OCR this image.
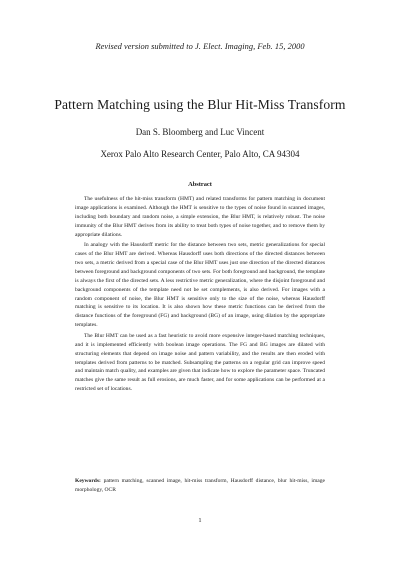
Revised version submitted to J. Elect. Imaging, Feb. 15, 2000
Pattern Matching using the Blur Hit-Miss Transform
Dan S. Bloomberg and Luc Vincent
Xerox Palo Alto Research Center, Palo Alto, CA 94304
Abstract

The usefulness of the hit-miss transform (HMT) and related transforms for pattern matching in document image applications is examined. Although the HMT is sensitive to the types of noise found in scanned images, including both boundary and random noise, a simple extension, the Blur HMT, is relatively robust. The noise immunity of the Blur HMT derives from its ability to treat both types of noise together, and to remove them by appropriate dilations.

In analogy with the Hausdorff metric for the distance between two sets, metric generalizations for special cases of the Blur HMT are derived. Whereas Hausdorff uses both directions of the directed distances between two sets, a metric derived from a special case of the Blur HMT uses just one direction of the directed distances between foreground and background components of two sets. For both foreground and background, the template is always the first of the directed sets. A less restrictive metric generalization, where the disjoint foreground and background components of the template need not be set complements, is also derived. For images with a random component of noise, the Blur HMT is sensitive only to the size of the noise, whereas Hausdorff matching is sensitive to its location. It is also shown how these metric functions can be derived from the distance functions of the foreground (FG) and background (BG) of an image, using dilation by the appropriate templates.

The Blur HMT can be used as a fast heuristic to avoid more expensive integer-based matching techniques, and it is implemented efficiently with boolean image operations. The FG and BG images are dilated with structuring elements that depend on image noise and pattern variability, and the results are then eroded with templates derived from patterns to be matched. Subsampling the patterns on a regular grid can improve speed and maintain match quality, and examples are given that indicate how to explore the parameter space. Truncated matches give the same result as full erosions, are much faster, and for some applications can be performed at a restricted set of locations.

Keywords: pattern matching, scanned image, hit-miss transform, Hausdorff distance, blur hit-miss, image morphology, OCR
1
